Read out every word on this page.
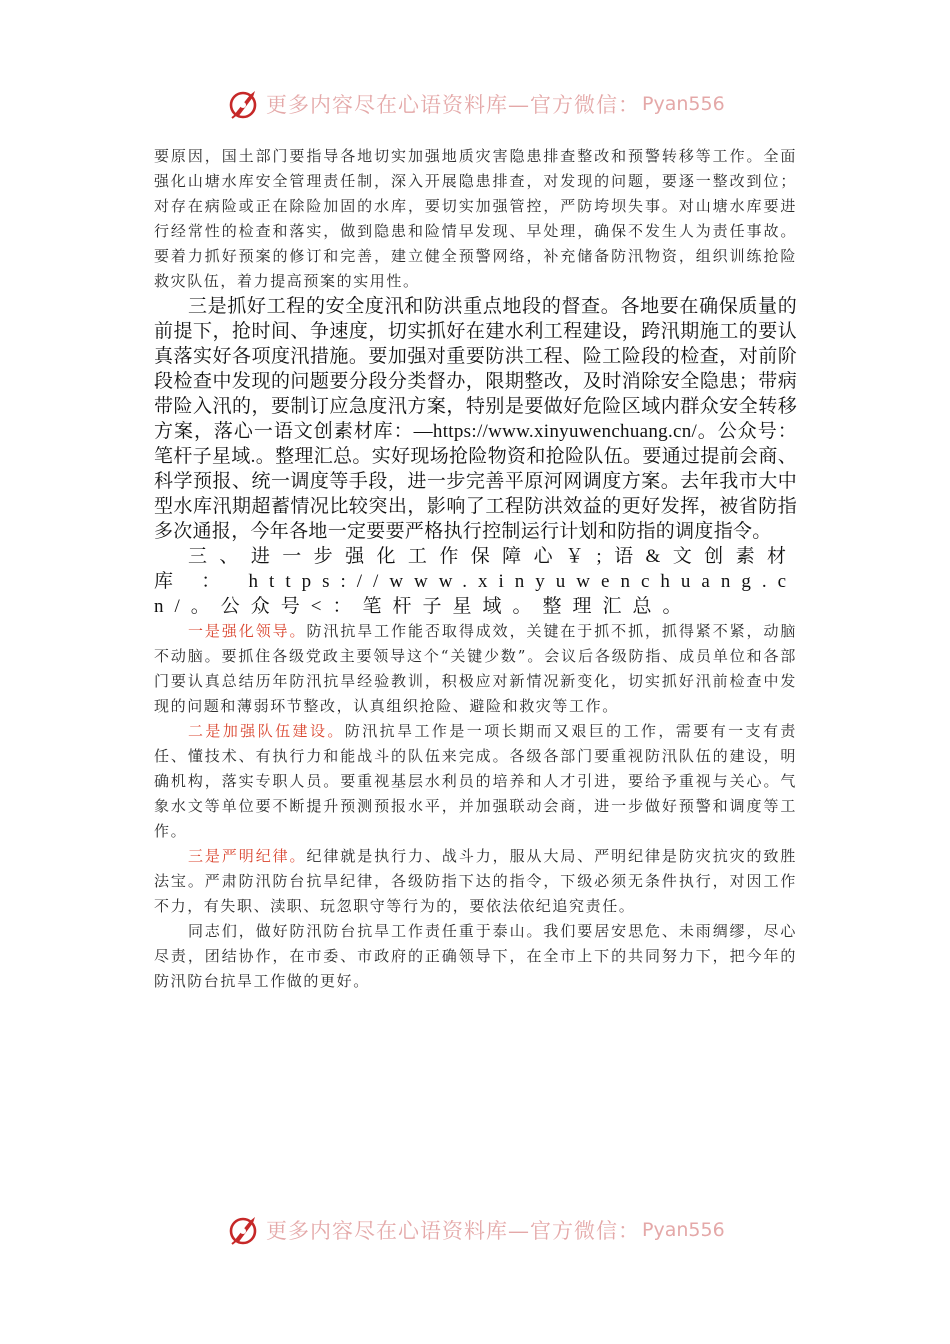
更多内容尽在心语资料库—官方微信： Pyan556

要原因，国土部门要指导各地切实加强地质灾害隐患排查整改和预警转移等工作。全面强化山塘水库安全管理责任制，深入开展隐患排查，对发现的问题，要逐一整改到位；对存在病险或正在除险加固的水库，要切实加强管控，严防垮坝失事。对山塘水库要进行经常性的检查和落实，做到隐患和险情早发现、早处理，确保不发生人为责任事故。要着力抓好预案的修订和完善，建立健全预警网络，补充储备防汛物资，组织训练抢险救灾队伍，着力提高预案的实用性。

三是抓好工程的安全度汛和防洪重点地段的督查。各地要在确保质量的前提下，抢时间、争速度，切实抓好在建水利工程建设，跨汛期施工的要认真落实好各项度汛措施。要加强对重要防洪工程、险工险段的检查，对前阶段检查中发现的问题要分段分类督办，限期整改，及时消除安全隐患；带病带险入汛的，要制订应急度汛方案，特别是要做好危险区域内群众安全转移方案，落心一语文创素材库：—https://www.xinyuwenchuang.cn/。公众号：笔杆子星域.。整理汇总。实好现场抢险物资和抢险队伍。要通过提前会商、科学预报、统一调度等手段，进一步完善平原河网调度方案。去年我市大中型水库汛期超蓄情况比较突出，影响了工程防洪效益的更好发挥，被省防指多次通报，今年各地一定要要严格执行控制运行计划和防指的调度指令。

三、进一步强化工作保障心￥;语&文创素材库：https://www.xinyuwenchuang.cn/。公众号<：笔杆子星域。整理汇总。

一是强化领导。防汛抗旱工作能否取得成效，关键在于抓不抓，抓得紧不紧，动脑不动脑。要抓住各级党政主要领导这个“关键少数”。会议后各级防指、成员单位和各部门要认真总结历年防汛抗旱经验教训，积极应对新情况新变化，切实抓好汛前检查中发现的问题和薄弱环节整改，认真组织抢险、避险和救灾等工作。

二是加强队伍建设。防汛抗旱工作是一项长期而又艰巨的工作，需要有一支有责任、懂技术、有执行力和能战斗的队伍来完成。各级各部门要重视防汛队伍的建设，明确机构，落实专职人员。要重视基层水利员的培养和人才引进，要给予重视与关心。气象水文等单位要不断提升预测预报水平，并加强联动会商，进一步做好预警和调度等工作。

三是严明纪律。纪律就是执行力、战斗力，服从大局、严明纪律是防灾抗灾的致胜法宝。严肃防汛防台抗旱纪律，各级防指下达的指令，下级必须无条件执行，对因工作不力，有失职、渎职、玩忽职守等行为的，要依法依纪追究责任。

同志们，做好防汛防台抗旱工作责任重于泰山。我们要居安思危、未雨绸缪，尽心尽责，团结协作，在市委、市政府的正确领导下，在全市上下的共同努力下，把今年的防汛防台抗旱工作做的更好。

更多内容尽在心语资料库—官方微信： Pyan556
